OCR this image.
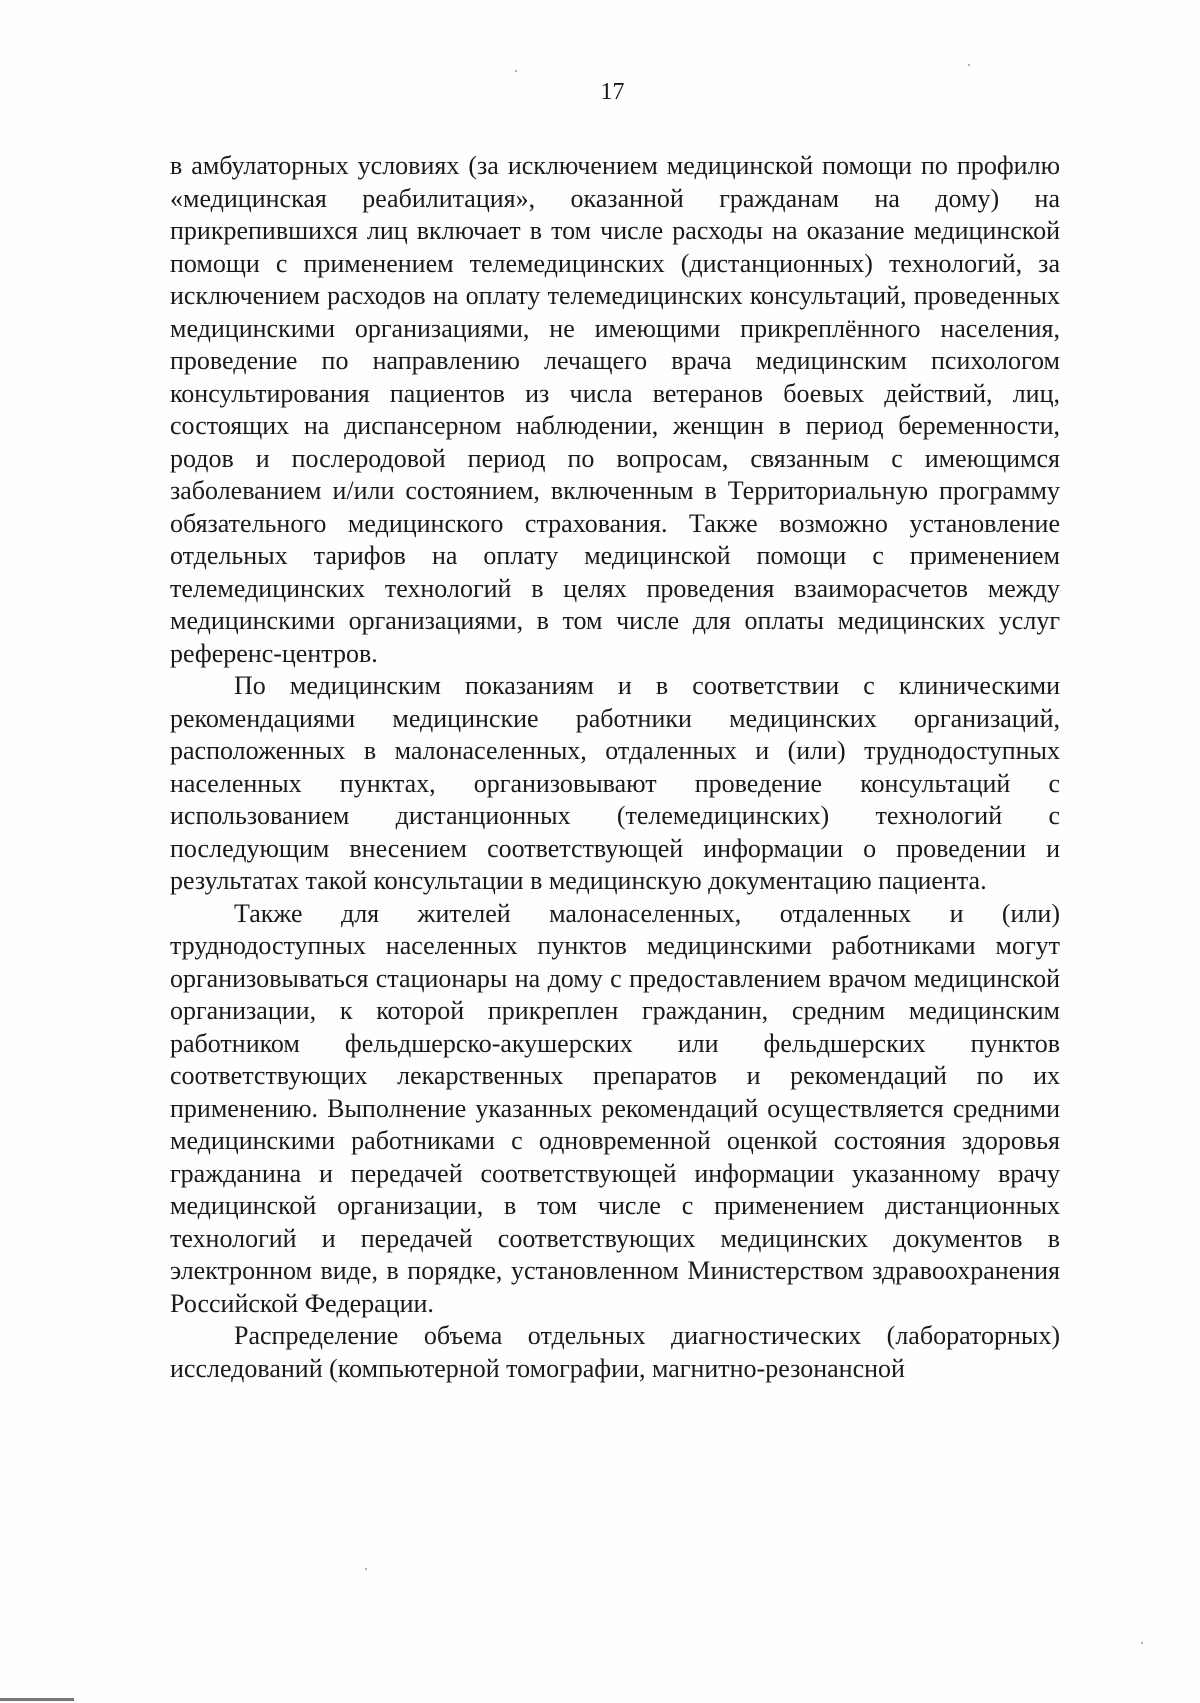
17

в амбулаторных условиях (за исключением медицинской помощи по профилю «медицинская реабилитация», оказанной гражданам на дому) на прикрепившихся лиц включает в том числе расходы на оказание медицинской помощи с применением телемедицинских (дистанционных) технологий, за исключением расходов на оплату телемедицинских консультаций, проведенных медицинскими организациями, не имеющими прикреплённого населения, проведение по направлению лечащего врача медицинским психологом консультирования пациентов из числа ветеранов боевых действий, лиц, состоящих на диспансерном наблюдении, женщин в период беременности, родов и послеродовой период по вопросам, связанным с имеющимся заболеванием и/или состоянием, включенным в Территориальную программу обязательного медицинского страхования. Также возможно установление отдельных тарифов на оплату медицинской помощи с применением телемедицинских технологий в целях проведения взаиморасчетов между медицинскими организациями, в том числе для оплаты медицинских услуг референс-центров.

По медицинским показаниям и в соответствии с клиническими рекомендациями медицинские работники медицинских организаций, расположенных в малонаселенных, отдаленных и (или) труднодоступных населенных пунктах, организовывают проведение консультаций с использованием дистанционных (телемедицинских) технологий с последующим внесением соответствующей информации о проведении и результатах такой консультации в медицинскую документацию пациента.

Также для жителей малонаселенных, отдаленных и (или) труднодоступных населенных пунктов медицинскими работниками могут организовываться стационары на дому с предоставлением врачом медицинской организации, к которой прикреплен гражданин, средним медицинским работником фельдшерско-акушерских или фельдшерских пунктов соответствующих лекарственных препаратов и рекомендаций по их применению. Выполнение указанных рекомендаций осуществляется средними медицинскими работниками с одновременной оценкой состояния здоровья гражданина и передачей соответствующей информации указанному врачу медицинской организации, в том числе с применением дистанционных технологий и передачей соответствующих медицинских документов в электронном виде, в порядке, установленном Министерством здравоохранения Российской Федерации.

Распределение объема отдельных диагностических (лабораторных) исследований (компьютерной томографии, магнитно-резонансной
